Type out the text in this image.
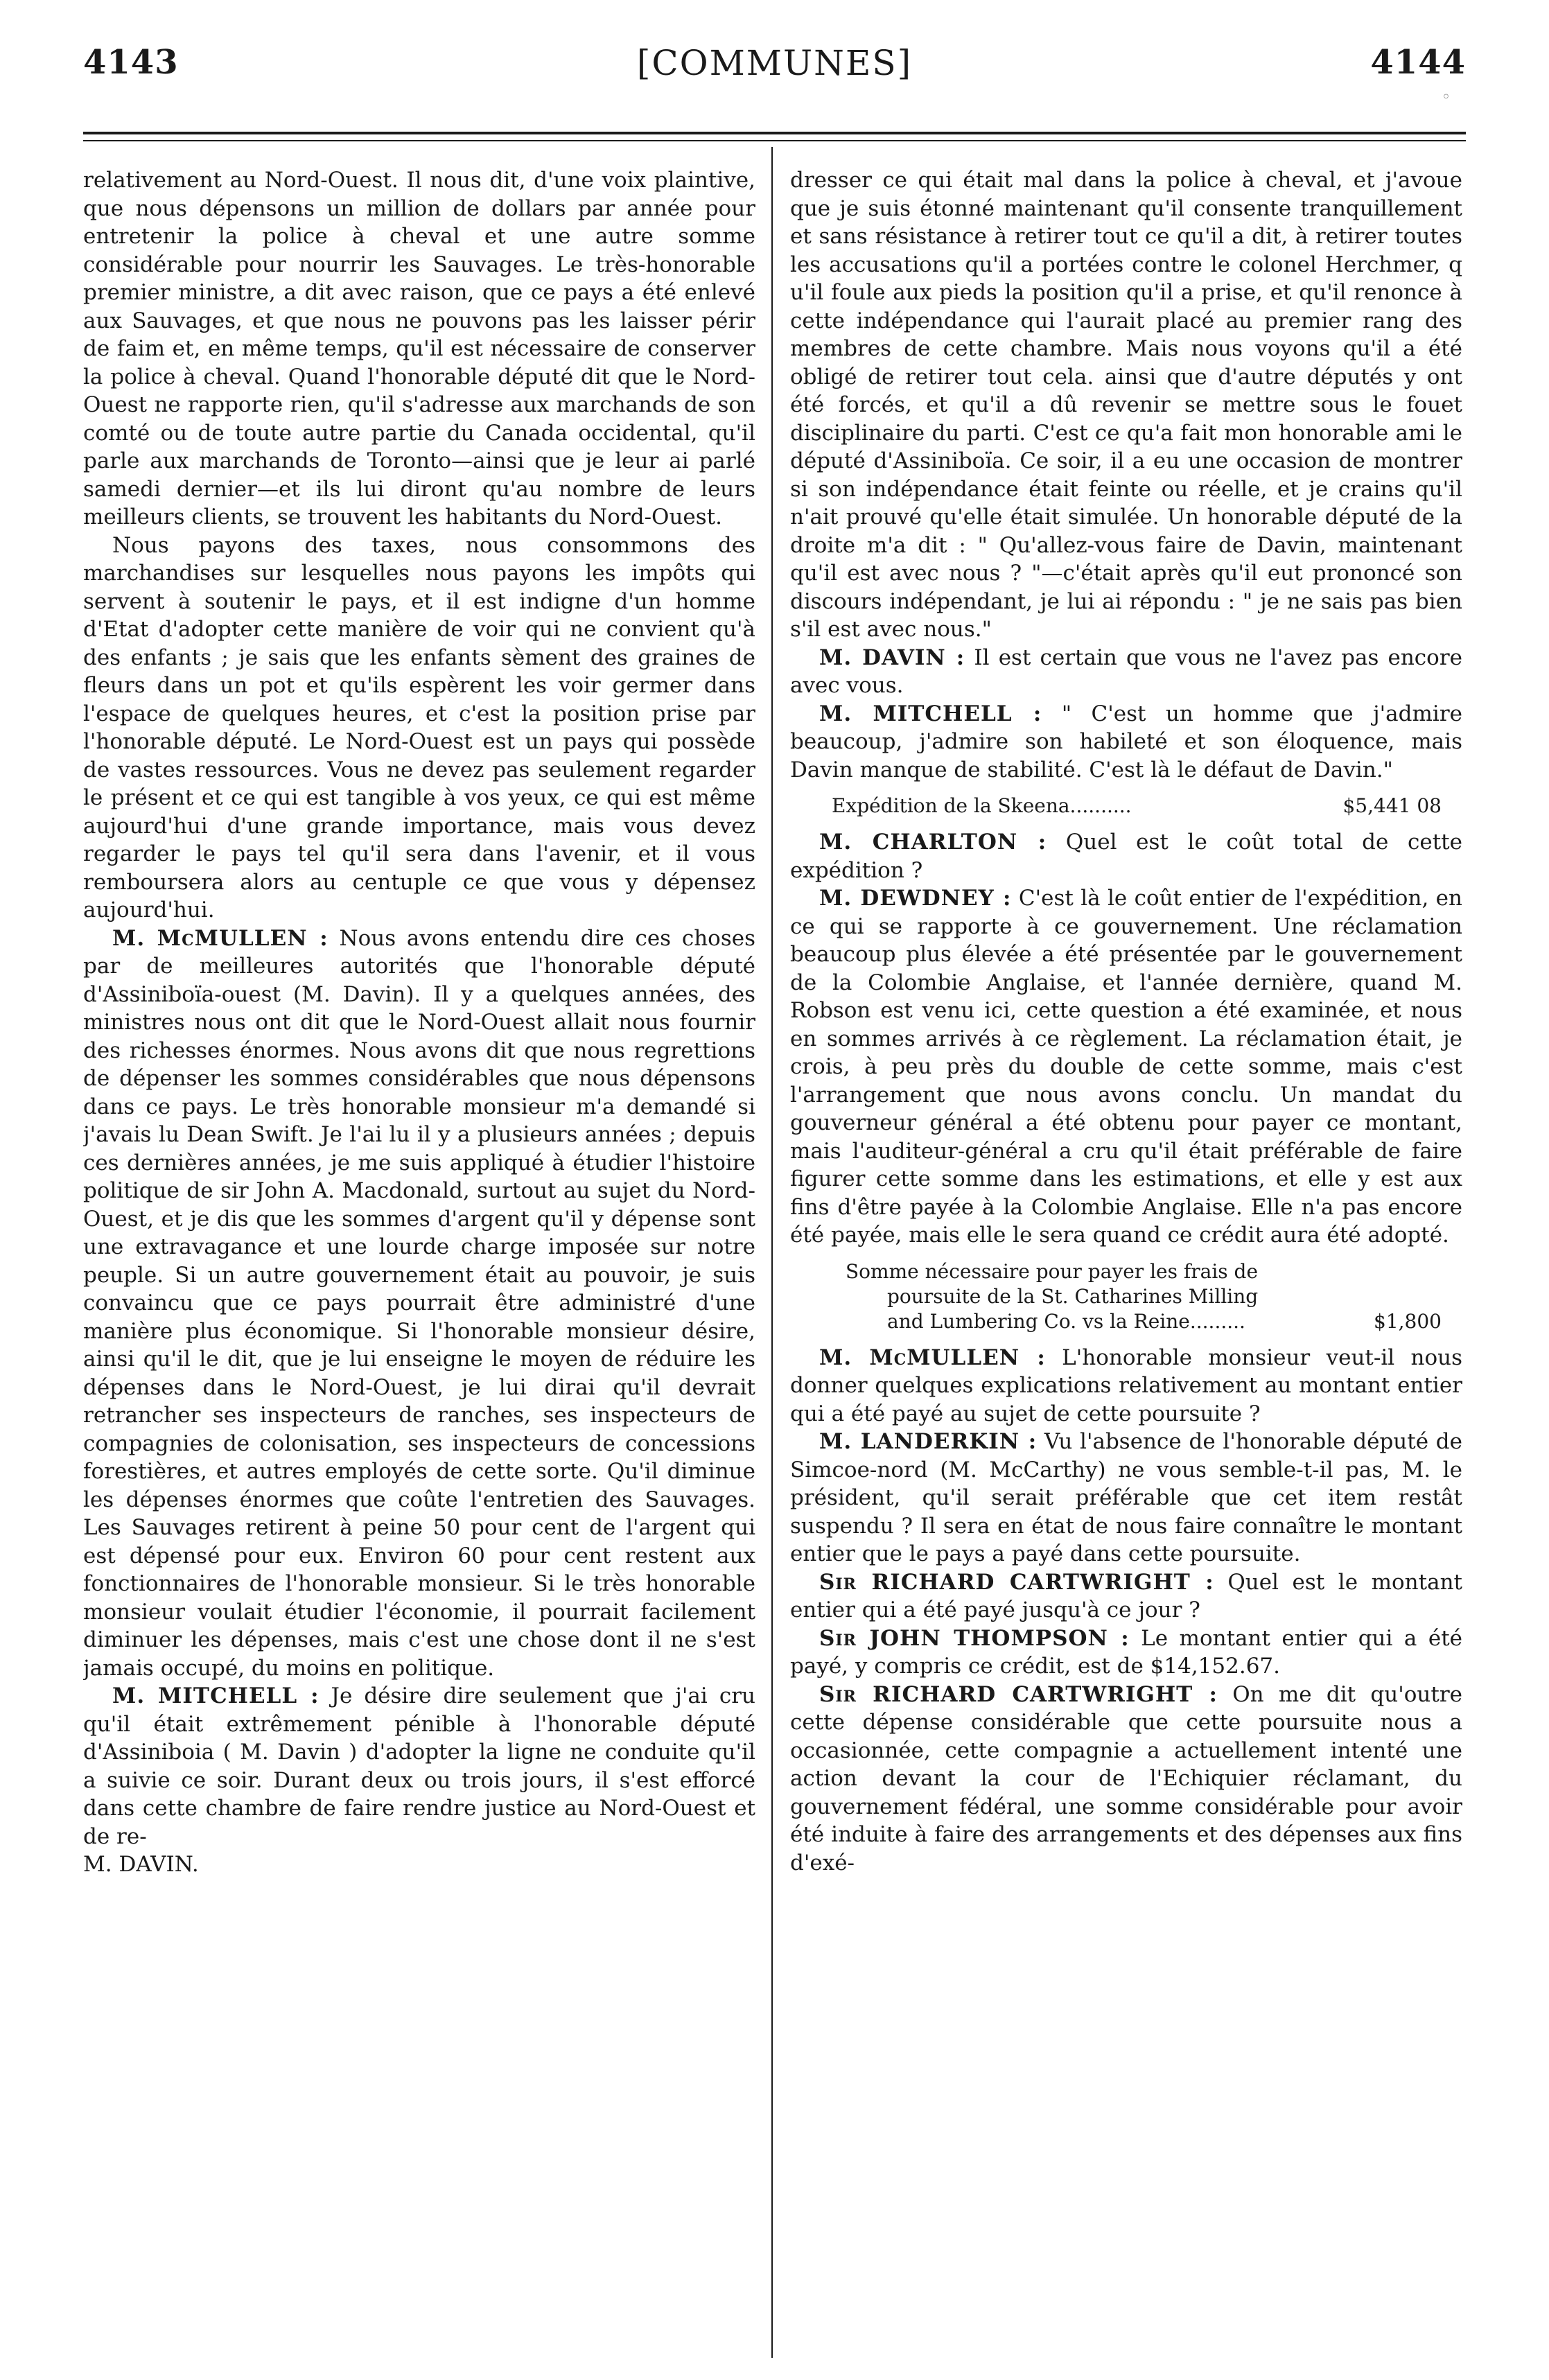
4143	[COMMUNES]	4144
◦

relativement au Nord-Ouest. Il nous dit, d'une voix plaintive, que nous dépensons un million de dollars par année pour entretenir la police à cheval et une autre somme considérable pour nourrir les Sauvages. Le très-honorable premier ministre, a dit avec raison, que ce pays a été enlevé aux Sauvages, et que nous ne pouvons pas les laisser périr de faim et, en même temps, qu'il est nécessaire de conserver la police à cheval. Quand l'honorable député dit que le Nord-Ouest ne rapporte rien, qu'il s'adresse aux marchands de son comté ou de toute autre partie du Canada occidental, qu'il parle aux marchands de Toronto—ainsi que je leur ai parlé samedi dernier—et ils lui diront qu'au nombre de leurs meilleurs clients, se trouvent les habitants du Nord-Ouest.

Nous payons des taxes, nous consommons des marchandises sur lesquelles nous payons les impôts qui servent à soutenir le pays, et il est indigne d'un homme d'Etat d'adopter cette manière de voir qui ne convient qu'à des enfants ; je sais que les enfants sèment des graines de fleurs dans un pot et qu'ils espèrent les voir germer dans l'espace de quelques heures, et c'est la position prise par l'honorable député. Le Nord-Ouest est un pays qui possède de vastes ressources. Vous ne devez pas seulement regarder le présent et ce qui est tangible à vos yeux, ce qui est même aujourd'hui d'une grande importance, mais vous devez regarder le pays tel qu'il sera dans l'avenir, et il vous remboursera alors au centuple ce que vous y dépensez aujourd'hui.

M. McMULLEN : Nous avons entendu dire ces choses par de meilleures autorités que l'honorable député d'Assiniboïa-ouest (M. Davin). Il y a quelques années, des ministres nous ont dit que le Nord-Ouest allait nous fournir des richesses énormes. Nous avons dit que nous regrettions de dépenser les sommes considérables que nous dépensons dans ce pays. Le très honorable monsieur m'a demandé si j'avais lu Dean Swift. Je l'ai lu il y a plusieurs années ; depuis ces dernières années, je me suis appliqué à étudier l'histoire politique de sir John A. Macdonald, surtout au sujet du Nord-Ouest, et je dis que les sommes d'argent qu'il y dépense sont une extravagance et une lourde charge imposée sur notre peuple. Si un autre gouvernement était au pouvoir, je suis convaincu que ce pays pourrait être administré d'une manière plus économique. Si l'honorable monsieur désire, ainsi qu'il le dit, que je lui enseigne le moyen de réduire les dépenses dans le Nord-Ouest, je lui dirai qu'il devrait retrancher ses inspecteurs de ranches, ses inspecteurs de compagnies de colonisation, ses inspecteurs de concessions forestières, et autres employés de cette sorte. Qu'il diminue les dépenses énormes que coûte l'entretien des Sauvages. Les Sauvages retirent à peine 50 pour cent de l'argent qui est dépensé pour eux. Environ 60 pour cent restent aux fonctionnaires de l'honorable monsieur. Si le très honorable monsieur voulait étudier l'économie, il pourrait facilement diminuer les dépenses, mais c'est une chose dont il ne s'est jamais occupé, du moins en politique.

M. MITCHELL : Je désire dire seulement que j'ai cru qu'il était extrêmement pénible à l'honorable député d'Assiniboia ( M. Davin ) d'adopter la ligne ne conduite qu'il a suivie ce soir. Durant deux ou trois jours, il s'est efforcé dans cette chambre de faire rendre justice au Nord-Ouest et de re-

M. DAVIN.

dresser ce qui était mal dans la police à cheval, et j'avoue que je suis étonné maintenant qu'il consente tranquillement et sans résistance à retirer tout ce qu'il a dit, à retirer toutes les accusations qu'il a portées contre le colonel Herchmer, q u'il foule aux pieds la position qu'il a prise, et qu'il renonce à cette indépendance qui l'aurait placé au premier rang des membres de cette chambre. Mais nous voyons qu'il a été obligé de retirer tout cela. ainsi que d'autre députés y ont été forcés, et qu'il a dû revenir se mettre sous le fouet disciplinaire du parti. C'est ce qu'a fait mon honorable ami le député d'Assiniboïa. Ce soir, il a eu une occasion de montrer si son indépendance était feinte ou réelle, et je crains qu'il n'ait prouvé qu'elle était simulée. Un honorable député de la droite m'a dit : " Qu'allez-vous faire de Davin, maintenant qu'il est avec nous ? "—c'était après qu'il eut prononcé son discours indépendant, je lui ai répondu : " je ne sais pas bien s'il est avec nous."

M. DAVIN : Il est certain que vous ne l'avez pas encore avec vous.

M. MITCHELL : " C'est un homme que j'admire beaucoup, j'admire son habileté et son éloquence, mais Davin manque de stabilité. C'est là le défaut de Davin."

$5,441 08
Expédition de la Skeena..........

M. CHARLTON : Quel est le coût total de cette expédition ?

M. DEWDNEY : C'est là le coût entier de l'expédition, en ce qui se rapporte à ce gouvernement. Une réclamation beaucoup plus élevée a été présentée par le gouvernement de la Colombie Anglaise, et l'année dernière, quand M. Robson est venu ici, cette question a été examinée, et nous en sommes arrivés à ce règlement. La réclamation était, je crois, à peu près du double de cette somme, mais c'est l'arrangement que nous avons conclu. Un mandat du gouverneur général a été obtenu pour payer ce montant, mais l'auditeur-général a cru qu'il était préférable de faire figurer cette somme dans les estimations, et elle y est aux fins d'être payée à la Colombie Anglaise. Elle n'a pas encore été payée, mais elle le sera quand ce crédit aura été adopté.

Somme nécessaire pour payer les frais de
poursuite de la St. Catharines Milling
$1,800
and Lumbering Co. vs la Reine.........

M. McMULLEN : L'honorable monsieur veut-il nous donner quelques explications relativement au montant entier qui a été payé au sujet de cette poursuite ?

M. LANDERKIN : Vu l'absence de l'honorable député de Simcoe-nord (M. McCarthy) ne vous semble-t-il pas, M. le président, qu'il serait préférable que cet item restât suspendu ? Il sera en état de nous faire connaître le montant entier que le pays a payé dans cette poursuite.

Sir RICHARD CARTWRIGHT : Quel est le montant entier qui a été payé jusqu'à ce jour ?

Sir JOHN THOMPSON : Le montant entier qui a été payé, y compris ce crédit, est de $14,152.67.

Sir RICHARD CARTWRIGHT : On me dit qu'outre cette dépense considérable que cette poursuite nous a occasionnée, cette compagnie a actuellement intenté une action devant la cour de l'Echiquier réclamant, du gouvernement fédéral, une somme considérable pour avoir été induite à faire des arrangements et des dépenses aux fins d'exé-
